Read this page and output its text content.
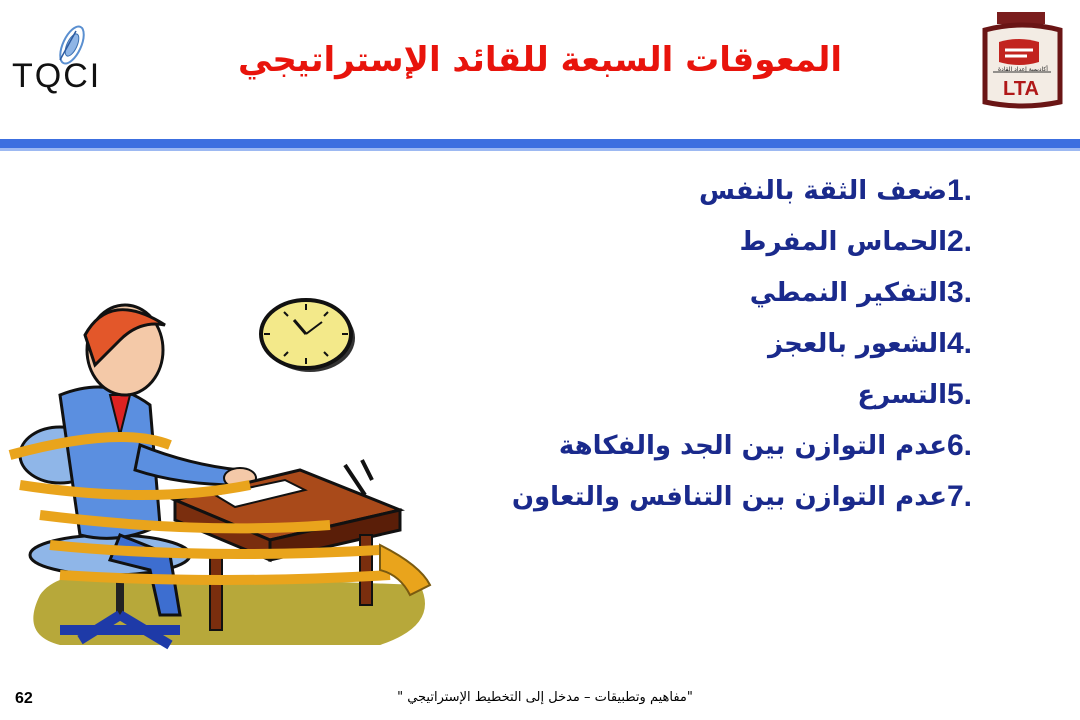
TQCI	المعوقات السبعة للقائد الإستراتيجي	أكاديمية إعداد القادة
LTA
1.
ضعف الثقة بالنفس
2.
الحماس المفرط
3.
التفكير النمطي
4.
الشعور بالعجز
5.
التسرع
6.
عدم التوازن بين الجد والفكاهة
7.
عدم التوازن بين التنافس والتعاون
62	"مفاهيم وتطبيقات – مدخل إلى التخطيط الإستراتيجي "
